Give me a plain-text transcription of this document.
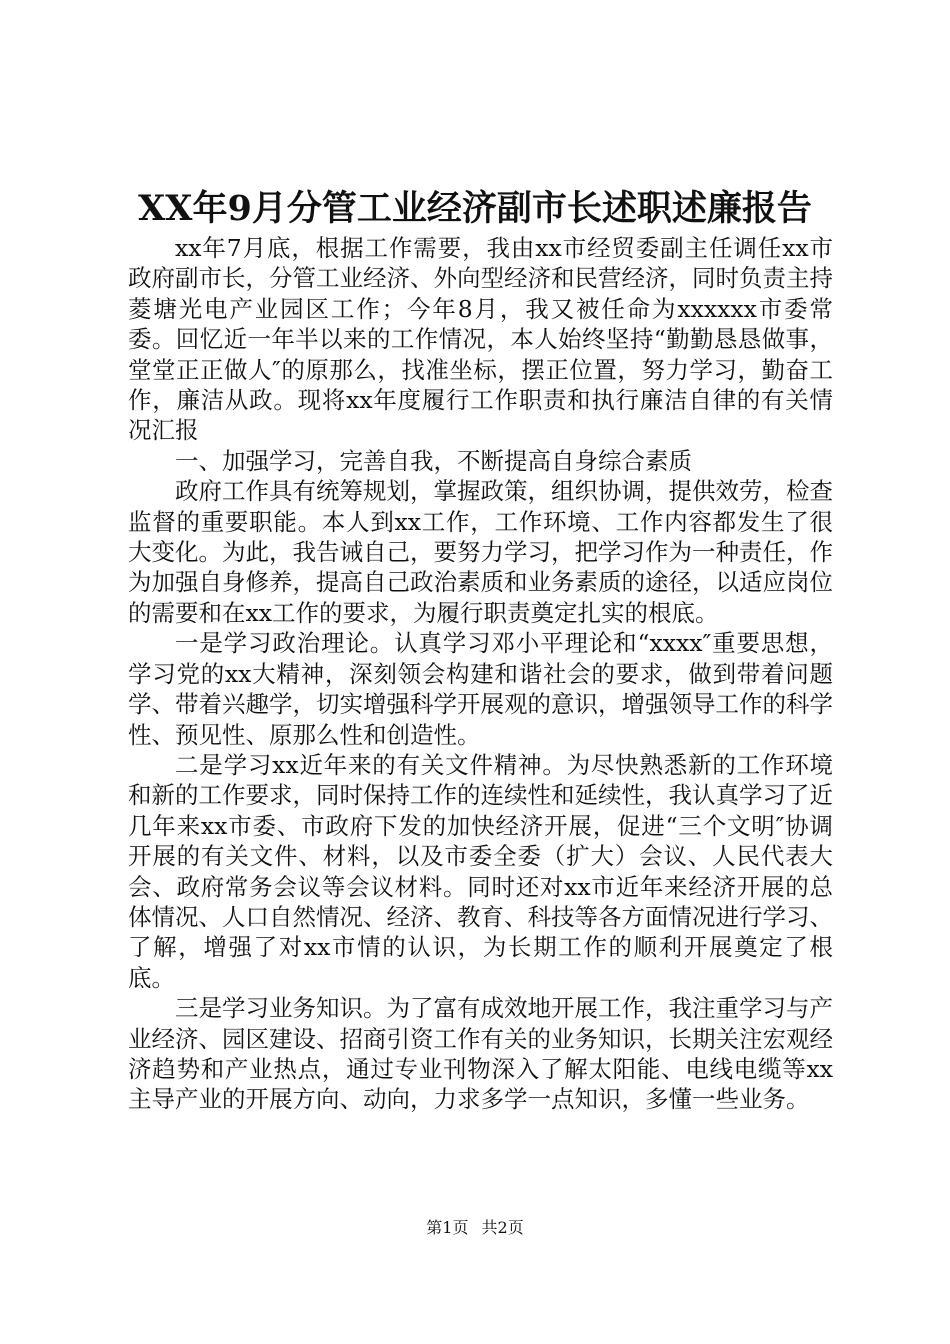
XX年9月分管工业经济副市长述职述廉报告

xx年7月底，根据工作需要，我由xx市经贸委副主任调任xx市政府副市长，分管工业经济、外向型经济和民营经济，同时负责主持菱塘光电产业园区工作；今年8月，我又被任命为xxxxxx市委常委。回忆近一年半以来的工作情况，本人始终坚持“勤勤恳恳做事，堂堂正正做人″的原那么，找准坐标，摆正位置，努力学习，勤奋工作，廉洁从政。现将xx年度履行工作职责和执行廉洁自律的有关情况汇报

一、加强学习，完善自我，不断提高自身综合素质

政府工作具有统筹规划，掌握政策，组织协调，提供效劳，检查监督的重要职能。本人到xx工作，工作环境、工作内容都发生了很大变化。为此，我告诫自己，要努力学习，把学习作为一种责任，作为加强自身修养，提高自己政治素质和业务素质的途径，以适应岗位的需要和在xx工作的要求，为履行职责奠定扎实的根底。

一是学习政治理论。认真学习邓小平理论和“xxxx″重要思想，学习党的xx大精神，深刻领会构建和谐社会的要求，做到带着问题学、带着兴趣学，切实增强科学开展观的意识，增强领导工作的科学性、预见性、原那么性和创造性。

二是学习xx近年来的有关文件精神。为尽快熟悉新的工作环境和新的工作要求，同时保持工作的连续性和延续性，我认真学习了近几年来xx市委、市政府下发的加快经济开展，促进“三个文明″协调开展的有关文件、材料，以及市委全委（扩大）会议、人民代表大会、政府常务会议等会议材料。同时还对xx市近年来经济开展的总体情况、人口自然情况、经济、教育、科技等各方面情况进行学习、了解，增强了对xx市情的认识，为长期工作的顺利开展奠定了根底。

三是学习业务知识。为了富有成效地开展工作，我注重学习与产业经济、园区建设、招商引资工作有关的业务知识，长期关注宏观经济趋势和产业热点，通过专业刊物深入了解太阳能、电线电缆等xx主导产业的开展方向、动向，力求多学一点知识，多懂一些业务。

第1页 共2页
